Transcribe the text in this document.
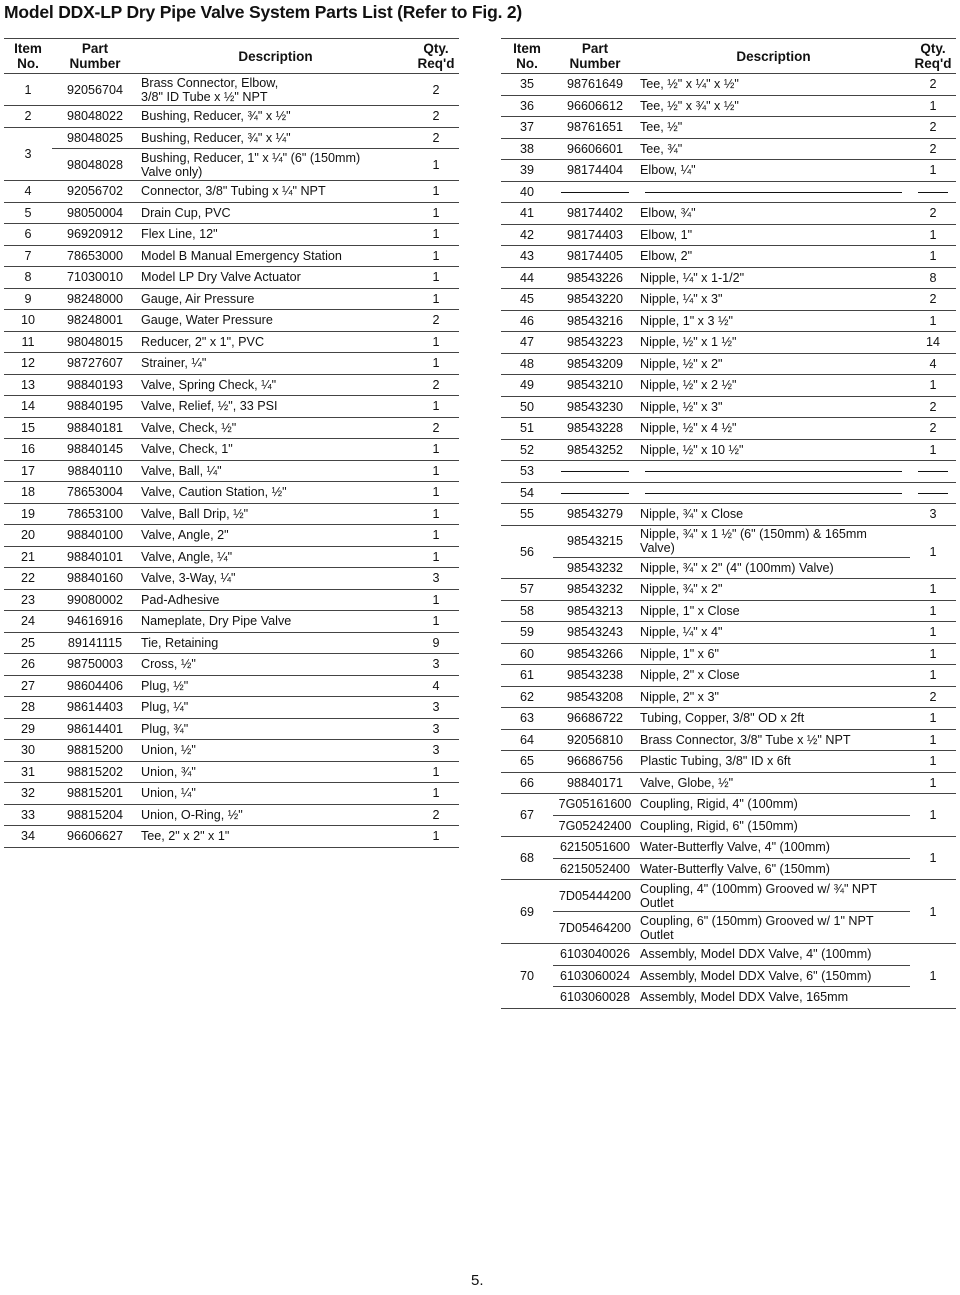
Model DDX-LP Dry Pipe Valve System Parts List (Refer to Fig. 2)
Item
No.	Part
Number	Description	Qty.
Req'd
1	92056704	Brass Connector, Elbow,
3/8" ID Tube x ½" NPT	2
2	98048022	Bushing, Reducer, ¾" x ½"	2
3	98048025	Bushing, Reducer, ¾" x ¼"	2
	98048028	Bushing, Reducer, 1" x ¼" (6" (150mm)
Valve only)	1
4	92056702	Connector, 3/8" Tubing x ¼" NPT	1
5	98050004	Drain Cup, PVC	1
6	96920912	Flex Line, 12"	1
7	78653000	Model B Manual Emergency Station	1
8	71030010	Model LP Dry Valve Actuator	1
9	98248000	Gauge, Air Pressure	1
10	98248001	Gauge, Water Pressure	2
11	98048015	Reducer, 2" x 1", PVC	1
12	98727607	Strainer, ¼"	1
13	98840193	Valve, Spring Check, ¼"	2
14	98840195	Valve, Relief, ½", 33 PSI	1
15	98840181	Valve, Check, ½"	2
16	98840145	Valve, Check, 1"	1
17	98840110	Valve, Ball, ¼"	1
18	78653004	Valve, Caution Station, ½"	1
19	78653100	Valve, Ball Drip, ½"	1
20	98840100	Valve, Angle, 2"	1
21	98840101	Valve, Angle, ¼"	1
22	98840160	Valve, 3-Way, ¼"	3
23	99080002	Pad-Adhesive	1
24	94616916	Nameplate, Dry Pipe Valve	1
25	89141115	Tie, Retaining	9
26	98750003	Cross, ½"	3
27	98604406	Plug, ½"	4
28	98614403	Plug, ¼"	3
29	98614401	Plug, ¾"	3
30	98815200	Union, ½"	3
31	98815202	Union, ¾"	1
32	98815201	Union, ¼"	1
33	98815204	Union, O-Ring, ½"	2
34	96606627	Tee, 2" x 2" x 1"	1
Item
No.	Part
Number	Description	Qty.
Req'd
35	98761649	Tee, ½" x ¼" x ½"	2
36	96606612	Tee, ½" x ¾" x ½"	1
37	98761651	Tee, ½"	2
38	96606601	Tee, ¾"	2
39	98174404	Elbow, ¼"	1
40			
41	98174402	Elbow, ¾"	2
42	98174403	Elbow, 1"	1
43	98174405	Elbow, 2"	1
44	98543226	Nipple, ¼" x 1-1/2"	8
45	98543220	Nipple, ¼" x 3"	2
46	98543216	Nipple, 1" x 3 ½"	1
47	98543223	Nipple, ½" x 1 ½"	14
48	98543209	Nipple, ½" x 2"	4
49	98543210	Nipple, ½" x 2 ½"	1
50	98543230	Nipple, ½" x 3"	2
51	98543228	Nipple, ½" x 4 ½"	2
52	98543252	Nipple, ½" x 10 ½"	1
53			
54			
55	98543279	Nipple, ¾" x Close	3
56	98543215	Nipple, ¾" x 1 ½" (6" (150mm) & 165mm
Valve)	1
	98543232	Nipple, ¾" x 2" (4" (100mm) Valve)	
57	98543232	Nipple, ¾" x 2"	1
58	98543213	Nipple, 1" x Close	1
59	98543243	Nipple, ¼" x 4"	1
60	98543266	Nipple, 1" x 6"	1
61	98543238	Nipple, 2" x Close	1
62	98543208	Nipple, 2" x 3"	2
63	96686722	Tubing, Copper, 3/8" OD x 2ft	1
64	92056810	Brass Connector, 3/8" Tube x ½" NPT	1
65	96686756	Plastic Tubing, 3/8" ID x 6ft	1
66	98840171	Valve, Globe, ½"	1
67	7G05161600	Coupling, Rigid, 4" (100mm)	1
	7G05242400	Coupling, Rigid, 6" (150mm)	
68	6215051600	Water-Butterfly Valve, 4" (100mm)	1
	6215052400	Water-Butterfly Valve, 6" (150mm)	
69	7D05444200	Coupling, 4" (100mm) Grooved w/ ¾" NPT
Outlet	1
	7D05464200	Coupling, 6" (150mm) Grooved w/ 1" NPT
Outlet	
70	6103040026	Assembly, Model DDX Valve, 4" (100mm)	1
	6103060024	Assembly, Model DDX Valve, 6" (150mm)	
	6103060028	Assembly, Model DDX Valve, 165mm	
5.
